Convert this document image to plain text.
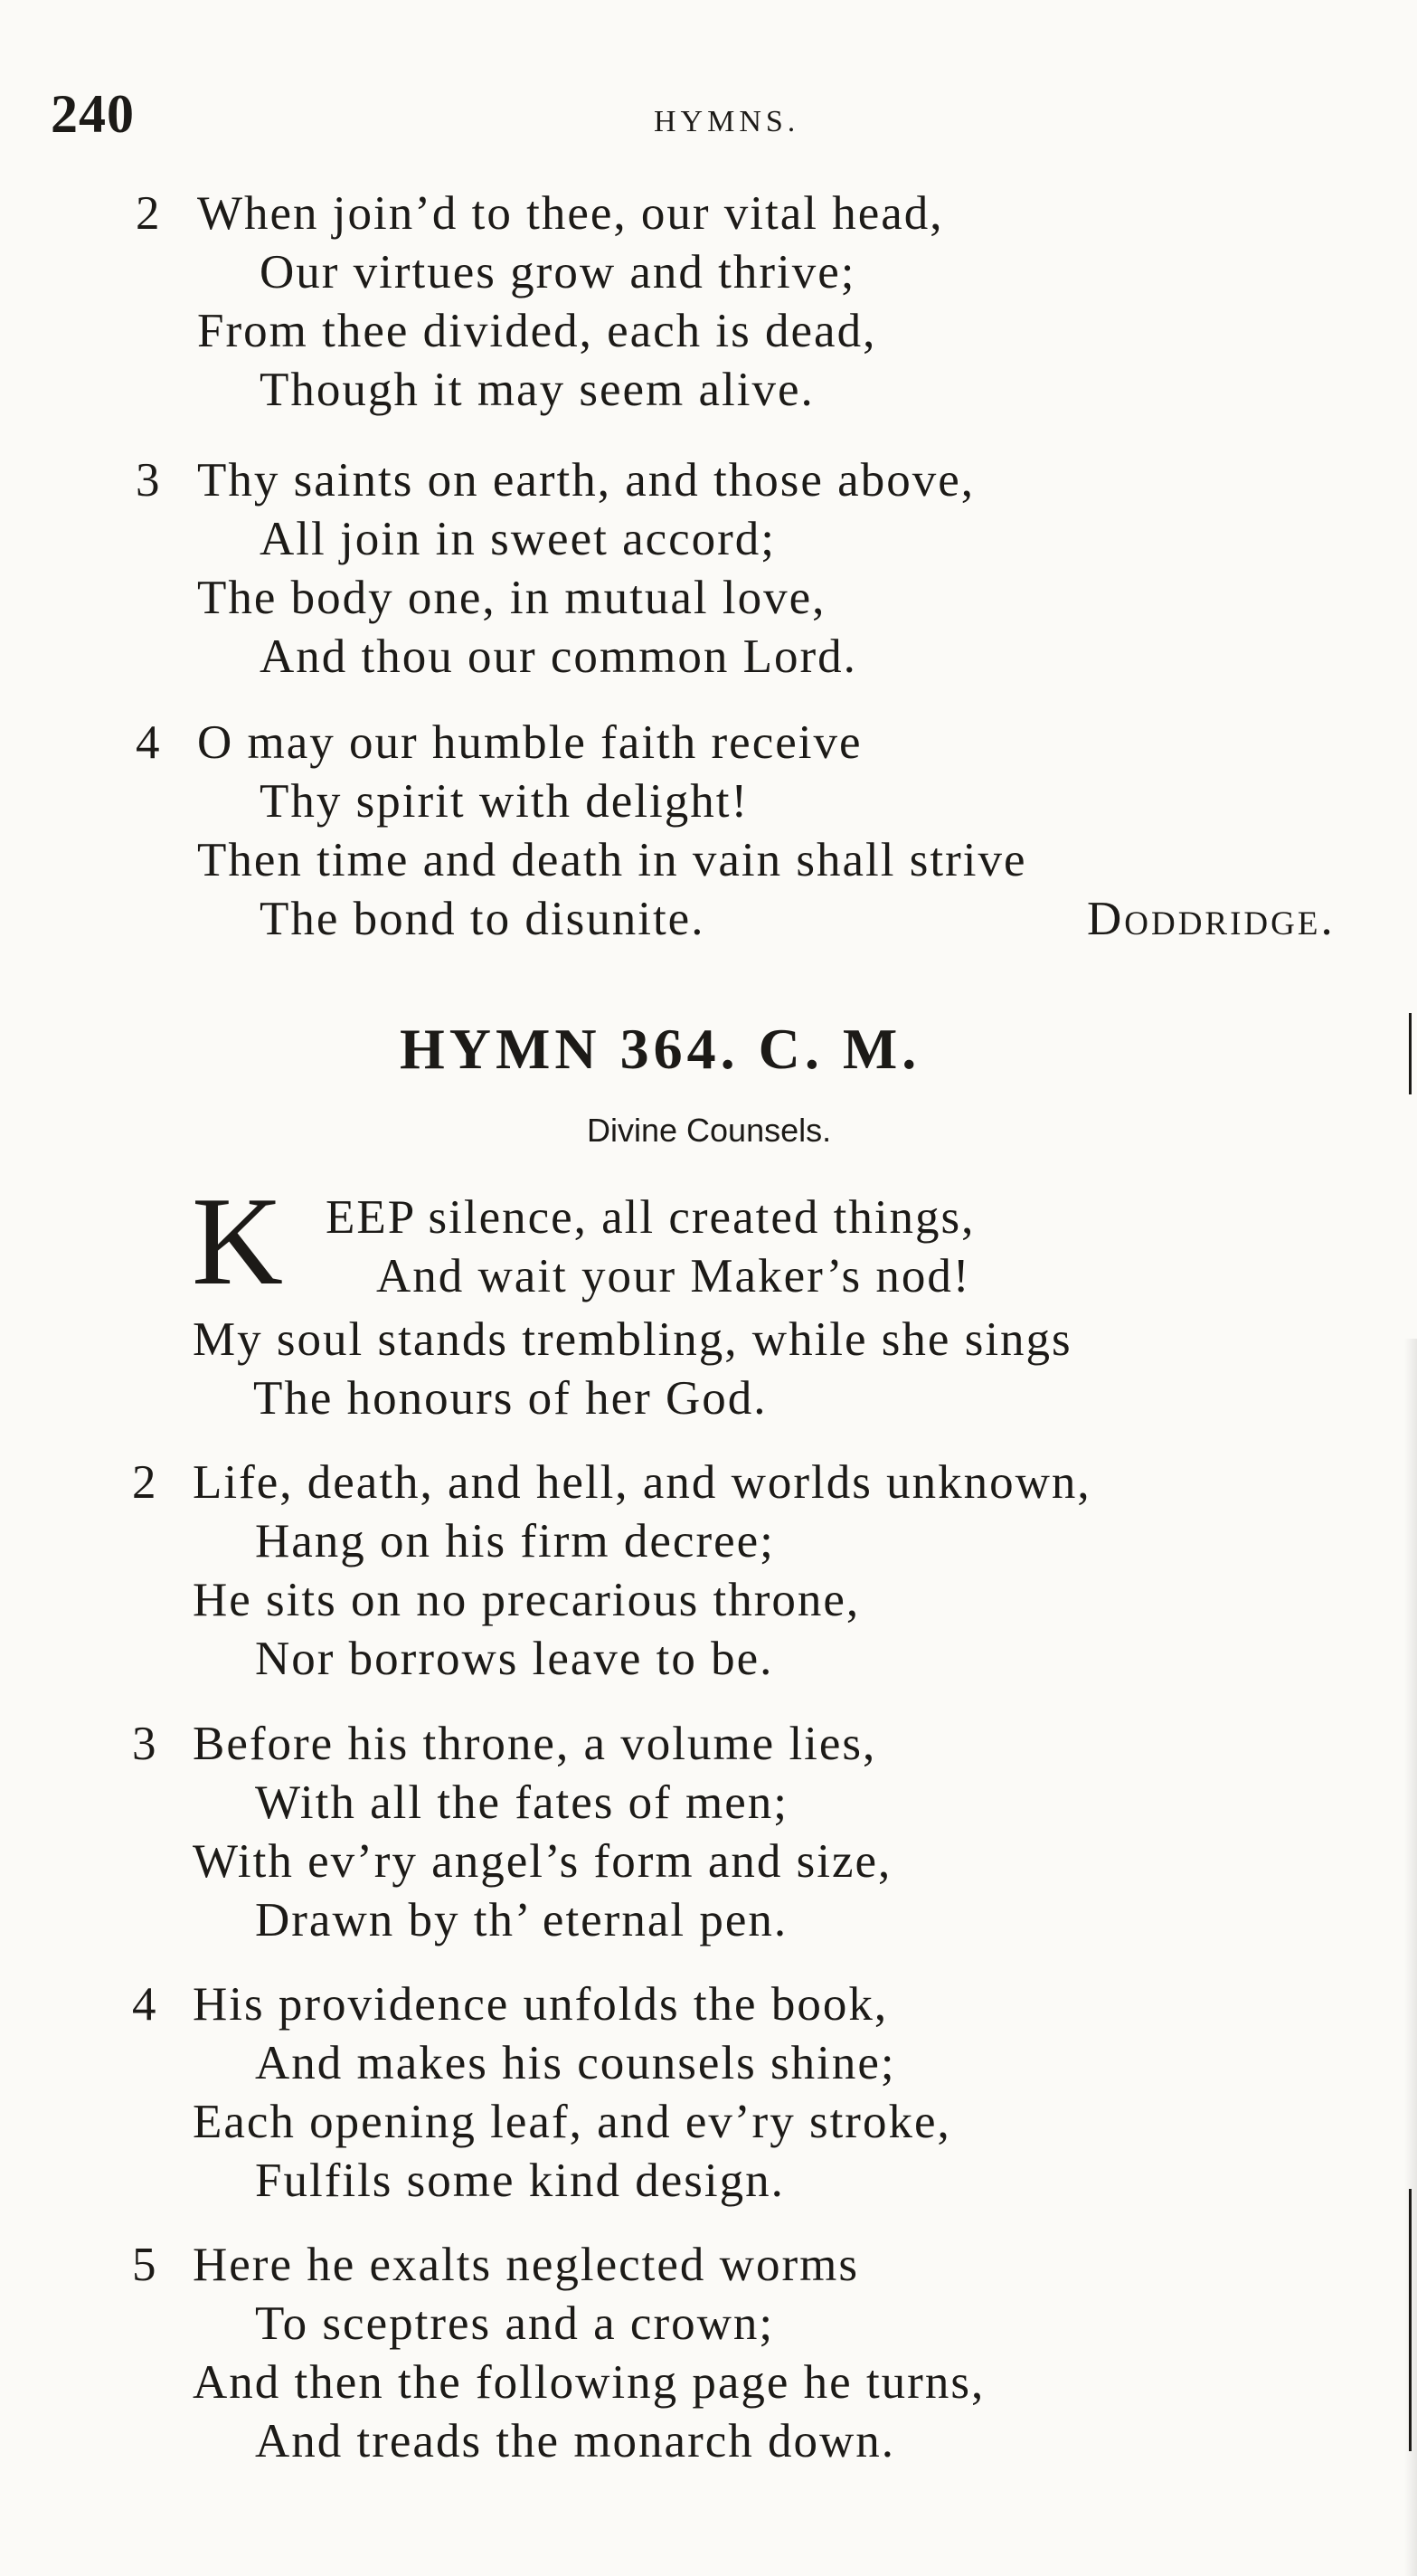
240	HYMNS.
2 When join’d to thee, our vital head,
Our virtues grow and thrive;
From thee divided, each is dead,
Though it may seem alive.
3 Thy saints on earth, and those above,
All join in sweet accord;
The body one, in mutual love,
And thou our common Lord.
4 O may our humble faith receive
Thy spirit with delight!
Then time and death in vain shall strive
The bond to disunite.	Doddridge.
HYMN 364. C. M.
Divine Counsels.
K EEP silence, all created things,
And wait your Maker’s nod!
My soul stands trembling, while she sings
The honours of her God.
2 Life, death, and hell, and worlds unknown,
Hang on his firm decree;
He sits on no precarious throne,
Nor borrows leave to be.
3 Before his throne, a volume lies,
With all the fates of men;
With ev’ry angel’s form and size,
Drawn by th’ eternal pen.
4 His providence unfolds the book,
And makes his counsels shine;
Each opening leaf, and ev’ry stroke,
Fulfils some kind design.
5 Here he exalts neglected worms
To sceptres and a crown;
And then the following page he turns,
And treads the monarch down.
